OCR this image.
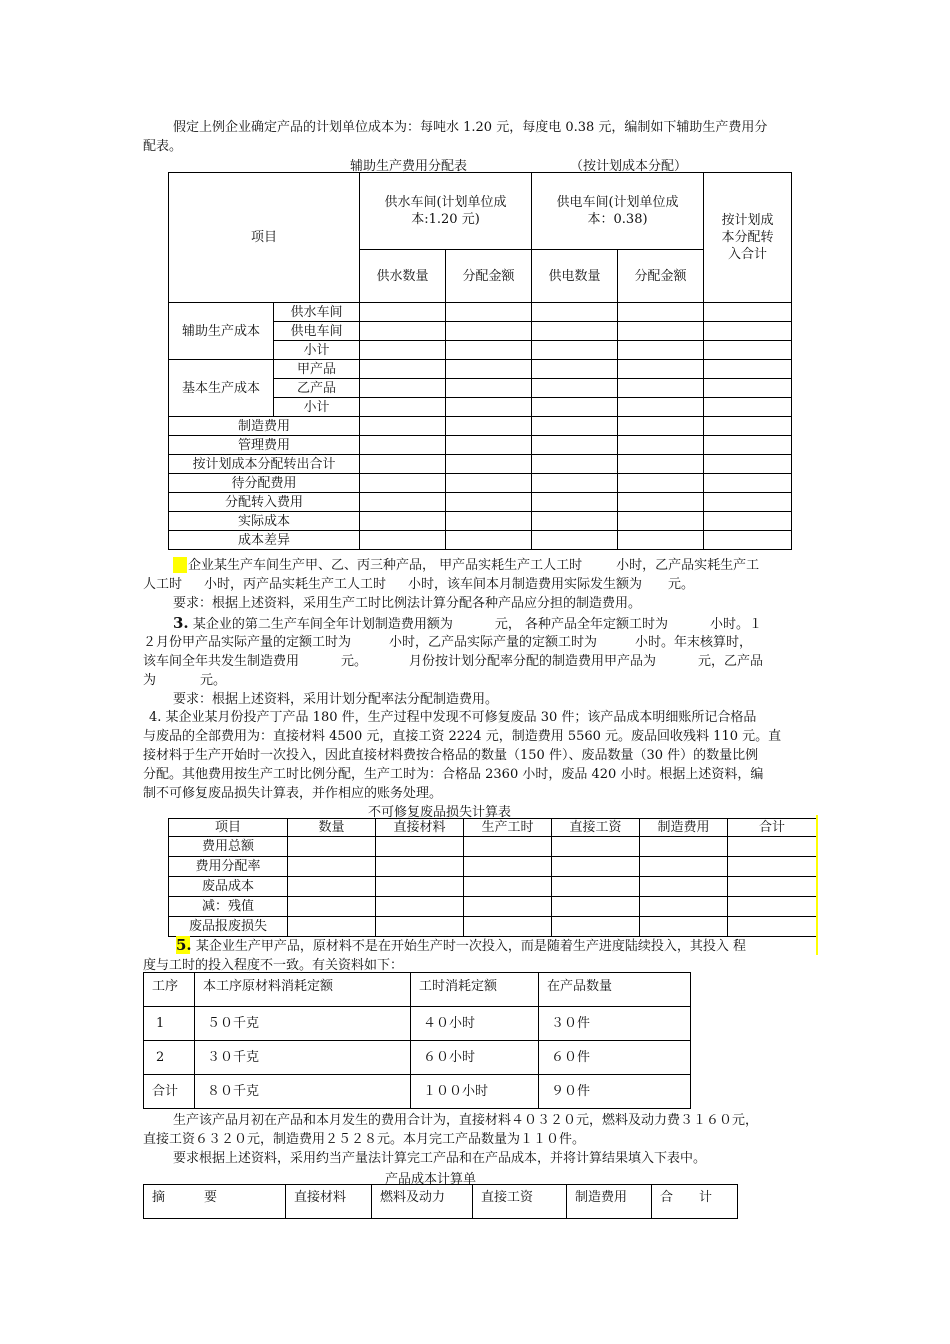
假定上例企业确定产品的计划单位成本为：每吨水 1.20 元，每度电 0.38 元，编制如下辅助生产费用分
配表。
辅助生产费用分配表	（按计划成本分配）
项目		供水车间(计划单位成本:1.20 元)		供电车间(计划单位成本：0.38)		按计划成本分配转入合计
		供水数量	分配金额	供电数量	分配金额	
辅助生产成本	供水车间					
	供电车间					
	小计					
基本生产成本	甲产品					
	乙产品					
	小计					
制造费用						
管理费用						
按计划成本分配转出合计						
待分配费用						
分配转入费用						
实际成本						
成本差异						
企业某生产车间生产甲、乙、丙三种产品， 甲产品实耗生产工人工时	小时，乙产品实耗生产工
人工时 小时，丙产品实耗生产工人工时 小时，该车间本月制造费用实际发生额为 元。
要求：根据上述资料，采用生产工时比例法计算分配各种产品应分担的制造费用。
3. 某企业的第二生产车间全年计划制造费用额为	元， 各种产品全年定额工时为	小时。１
２月份甲产品实际产量的定额工时为	小时，乙产品实际产量的定额工时为	小时。年末核算时，
该车间全年共发生制造费用	元。	月份按计划分配率分配的制造费用甲产品为	元，乙产品
为	元。
要求：根据上述资料，采用计划分配率法分配制造费用。
4. 某企业某月份投产丁产品 180 件，生产过程中发现不可修复废品 30 件；该产品成本明细账所记合格品
与废品的全部费用为：直接材料 4500 元，直接工资 2224 元，制造费用 5560 元。废品回收残料 110 元。直
接材料于生产开始时一次投入，因此直接材料费按合格品的数量（150 件）、废品数量（30 件）的数量比例
分配。其他费用按生产工时比例分配，生产工时为：合格品 2360 小时，废品 420 小时。根据上述资料，编
制不可修复废品损失计算表，并作相应的账务处理。
不可修复废品损失计算表
项目	数量	直接材料	生产工时	直接工资	制造费用	合计
费用总额						
费用分配率						
废品成本						
减：残值						
废品报废损失						
5. 某企业生产甲产品，原材料不是在开始生产时一次投入，而是随着生产进度陆续投入，其投入 程
度与工时的投入程度不一致。有关资料如下：
工序	本工序原材料消耗定额	工时消耗定额	在产品数量
1	５０千克	４０小时	３０件
2	３０千克	６０小时	６０件
合计	８０千克	１００小时	９０件
生产该产品月初在产品和本月发生的费用合计为，直接材料４０３２０元，燃料及动力费３１６０元，
直接工资６３２０元，制造费用２５２８元。本月完工产品数量为１１０件。
要求根据上述资料，采用约当产量法计算完工产品和在产品成本，并将计算结果填入下表中。
产品成本计算单
摘　　　要	直接材料	燃料及动力	直接工资	制造费用	合　　计
